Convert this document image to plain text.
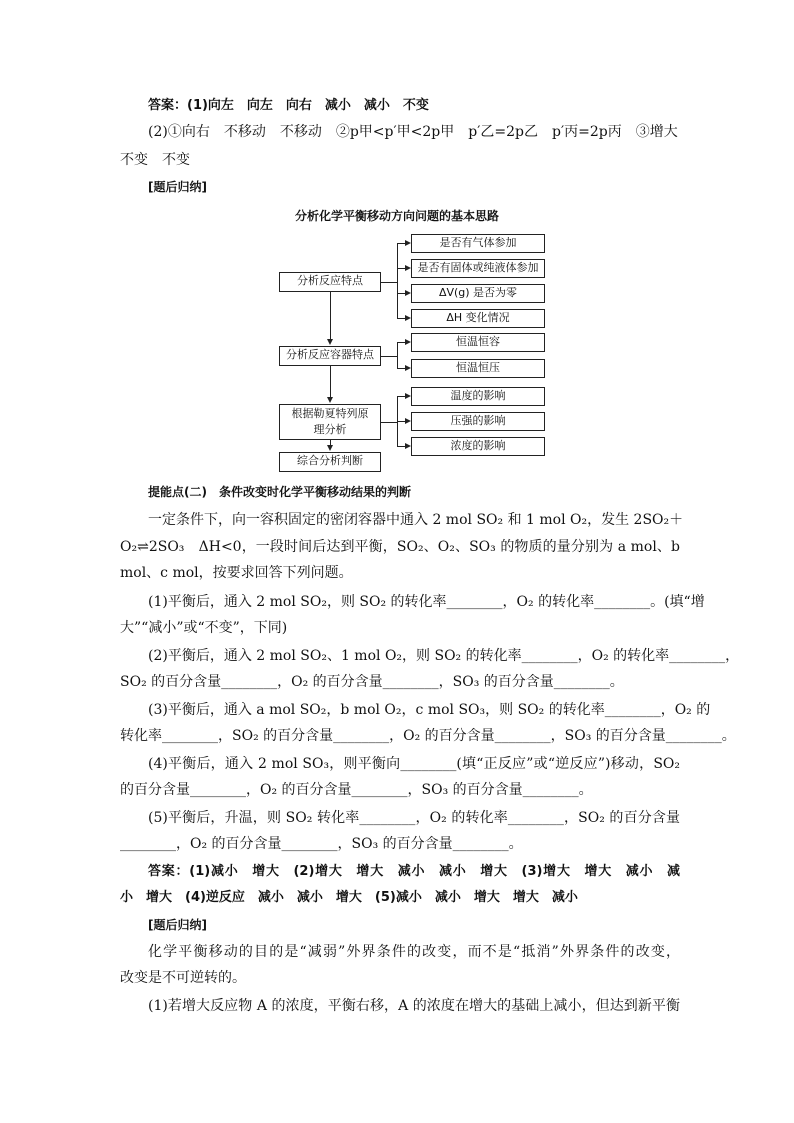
答案：(1)向左　向左　向右　减小　减小　不变
(2)①向右　不移动　不移动　②p甲<p′甲<2p甲　p′乙=2p乙　p′丙=2p丙　③增大
不变　不变
[题后归纳]
分析化学平衡移动方向问题的基本思路
分析反应特点
分析反应容器特点
根据勒夏特列原理分析
综合分析判断
是否有气体参加
是否有固体或纯液体参加
ΔV(g) 是否为零
ΔH 变化情况
恒温恒容
恒温恒压
温度的影响
压强的影响
浓度的影响
提能点(二)　条件改变时化学平衡移动结果的判断
一定条件下，向一容积固定的密闭容器中通入 2 mol SO₂ 和 1 mol O₂，发生 2SO₂＋
O₂⇌2SO₃　ΔH<0，一段时间后达到平衡，SO₂、O₂、SO₃ 的物质的量分别为 a mol、b
mol、c mol，按要求回答下列问题。
(1)平衡后，通入 2 mol SO₂，则 SO₂ 的转化率________，O₂ 的转化率________。(填“增
大”“减小”或“不变”，下同)
(2)平衡后，通入 2 mol SO₂、1 mol O₂，则 SO₂ 的转化率________，O₂ 的转化率________，
SO₂ 的百分含量________，O₂ 的百分含量________，SO₃ 的百分含量________。
(3)平衡后，通入 a mol SO₂，b mol O₂，c mol SO₃，则 SO₂ 的转化率________，O₂ 的
转化率________，SO₂ 的百分含量________，O₂ 的百分含量________，SO₃ 的百分含量________。
(4)平衡后，通入 2 mol SO₃，则平衡向________(填“正反应”或“逆反应”)移动，SO₂
的百分含量________，O₂ 的百分含量________，SO₃ 的百分含量________。
(5)平衡后，升温，则 SO₂ 转化率________，O₂ 的转化率________，SO₂ 的百分含量
________，O₂ 的百分含量________，SO₃ 的百分含量________。
答案：(1)减小　增大　(2)增大　增大　减小　减小　增大　(3)增大　增大　减小　减
小　增大　(4)逆反应　减小　减小　增大　(5)减小　减小　增大　增大　减小
[题后归纳]
化学平衡移动的目的是“减弱”外界条件的改变，而不是“抵消”外界条件的改变，
改变是不可逆转的。
(1)若增大反应物 A 的浓度，平衡右移，A 的浓度在增大的基础上减小，但达到新平衡
